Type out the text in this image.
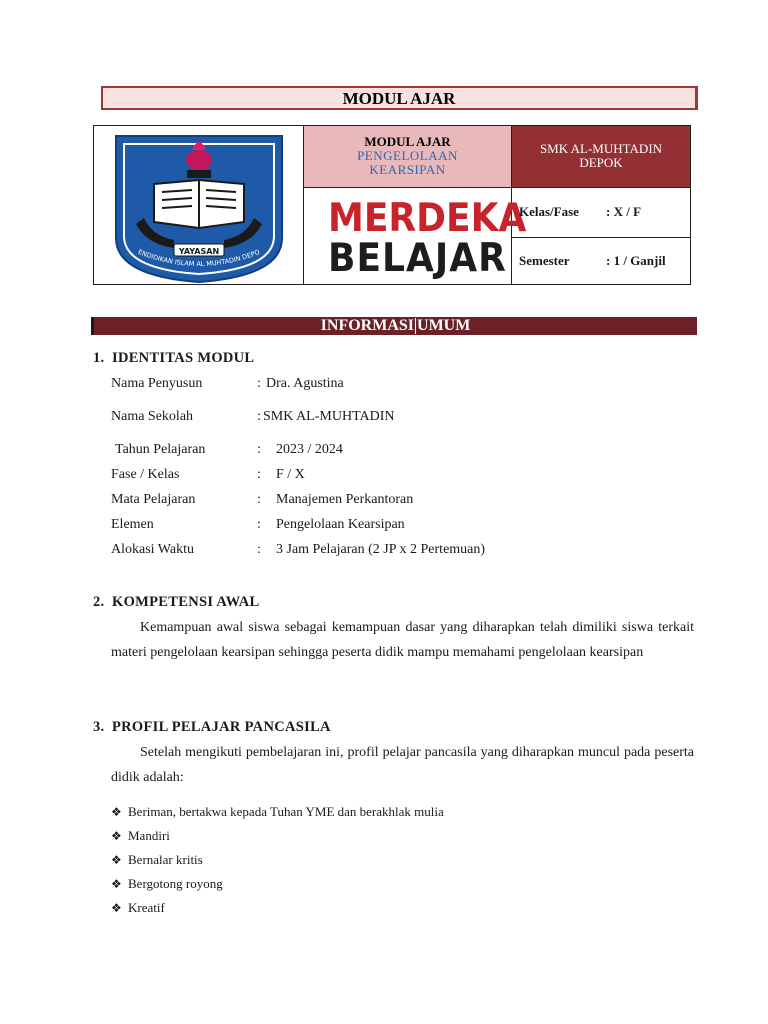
MODUL AJAR
YAYASAN
ENDIDIKAN ISLAM AL MUHTADIN DEPO
MODUL AJAR
PENGELOLAAN
KEARSIPAN
SMK AL-MUHTADIN
DEPOK
MERDEKA
BELAJAR
Kelas/Fase : X / F
Semester	: 1 / Ganjil
INFORMASI UMUM
1. IDENTITAS MODUL
Nama Penyusun	: Dra. Agustina
Nama Sekolah	: SMK AL-MUHTADIN
Tahun Pelajaran	: 2023 / 2024
Fase / Kelas	: F / X
Mata Pelajaran	: Manajemen Perkantoran
Elemen	: Pengelolaan Kearsipan
Alokasi Waktu	: 3 Jam Pelajaran (2 JP x 2 Pertemuan)
2. KOMPETENSI AWAL
Kemampuan awal siswa sebagai kemampuan dasar yang diharapkan telah dimiliki siswa terkait materi pengelolaan kearsipan sehingga peserta didik mampu memahami pengelolaan kearsipan
3. PROFIL PELAJAR PANCASILA
Setelah mengikuti pembelajaran ini, profil pelajar pancasila yang diharapkan muncul pada peserta didik adalah:
❖ Beriman, bertakwa kepada Tuhan YME dan berakhlak mulia
❖ Mandiri
❖ Bernalar kritis
❖ Bergotong royong
❖ Kreatif
